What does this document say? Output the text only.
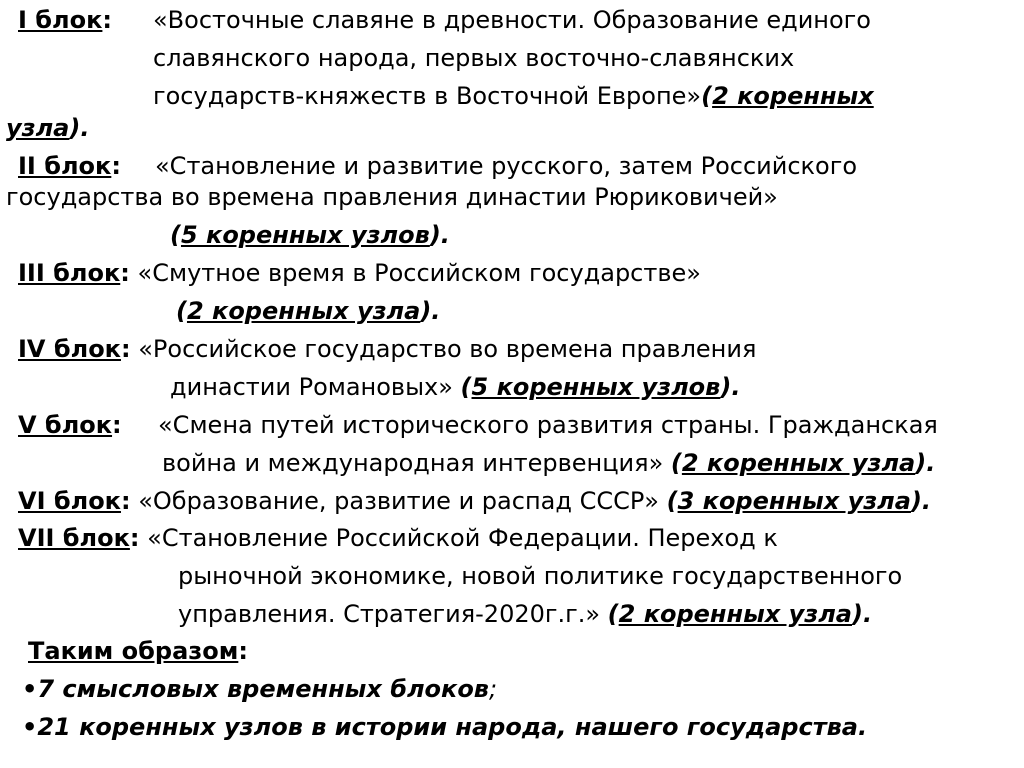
I блок: «Восточные славяне в древности. Образование единого
славянского народа, первых восточно-славянских
государств-княжеств в Восточной Европе»(2 коренных
узла).
II блок: «Становление и развитие русского, затем Российского
государства во времена правления династии Рюриковичей»
(5 коренных узлов).
III блок: «Смутное время в Российском государстве»
(2 коренных узла).
IV блок: «Российское государство во времена правления
династии Романовых» (5 коренных узлов).
V блок: «Смена путей исторического развития страны. Гражданская
война и международная интервенция» (2 коренных узла).
VI блок: «Образование, развитие и распад СССР» (3 коренных узла).
VII блок: «Становление Российской Федерации. Переход к
рыночной экономике, новой политике государственного
управления. Стратегия-2020г.г.» (2 коренных узла).
Таким образом:
•7 смысловых временных блоков;
•21 коренных узлов в истории народа, нашего государства.
